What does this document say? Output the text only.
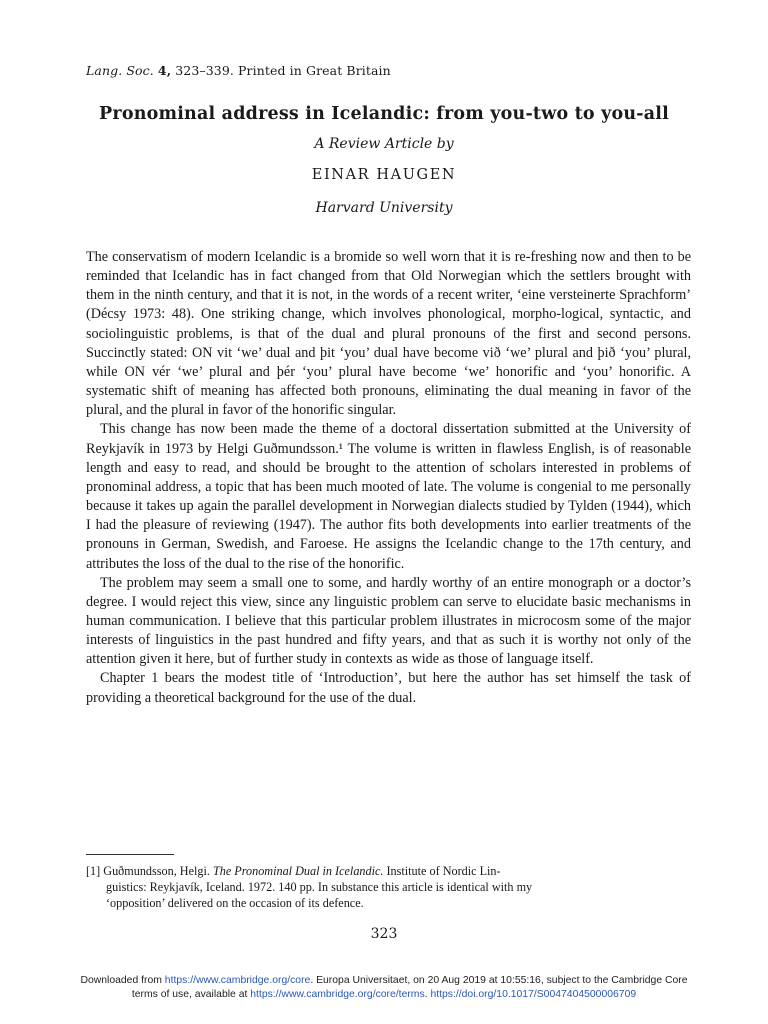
Lang. Soc. 4, 323–339. Printed in Great Britain
Pronominal address in Icelandic: from you-two to you-all
A Review Article by
EINAR HAUGEN
Harvard University

The conservatism of modern Icelandic is a bromide so well worn that it is re-freshing now and then to be reminded that Icelandic has in fact changed from that Old Norwegian which the settlers brought with them in the ninth century, and that it is not, in the words of a recent writer, ‘eine versteinerte Sprachform’ (Décsy 1973: 48). One striking change, which involves phonological, morpho-logical, syntactic, and sociolinguistic problems, is that of the dual and plural pronouns of the first and second persons. Succinctly stated: ON vit ‘we’ dual and þit ‘you’ dual have become við ‘we’ plural and þið ‘you’ plural, while ON vér ‘we’ plural and þér ‘you’ plural have become ‘we’ honorific and ‘you’ honorific. A systematic shift of meaning has affected both pronouns, eliminating the dual meaning in favor of the plural, and the plural in favor of the honorific singular.

This change has now been made the theme of a doctoral dissertation submitted at the University of Reykjavík in 1973 by Helgi Guðmundsson.¹ The volume is written in flawless English, is of reasonable length and easy to read, and should be brought to the attention of scholars interested in problems of pronominal address, a topic that has been much mooted of late. The volume is congenial to me personally because it takes up again the parallel development in Norwegian dialects studied by Tylden (1944), which I had the pleasure of reviewing (1947). The author fits both developments into earlier treatments of the pronouns in German, Swedish, and Faroese. He assigns the Icelandic change to the 17th century, and attributes the loss of the dual to the rise of the honorific.

The problem may seem a small one to some, and hardly worthy of an entire monograph or a doctor’s degree. I would reject this view, since any linguistic problem can serve to elucidate basic mechanisms in human communication. I believe that this particular problem illustrates in microcosm some of the major interests of linguistics in the past hundred and fifty years, and that as such it is worthy not only of the attention given it here, but of further study in contexts as wide as those of language itself.

Chapter 1 bears the modest title of ‘Introduction’, but here the author has set himself the task of providing a theoretical background for the use of the dual.

[1] Guðmundsson, Helgi. The Pronominal Dual in Icelandic. Institute of Nordic Lin-
guistics: Reykjavík, Iceland. 1972. 140 pp. In substance this article is identical with my
‘opposition’ delivered on the occasion of its defence.
323
Downloaded from https://www.cambridge.org/core. Europa Universitaet, on 20 Aug 2019 at 10:55:16, subject to the Cambridge Core
terms of use, available at https://www.cambridge.org/core/terms. https://doi.org/10.1017/S0047404500006709
